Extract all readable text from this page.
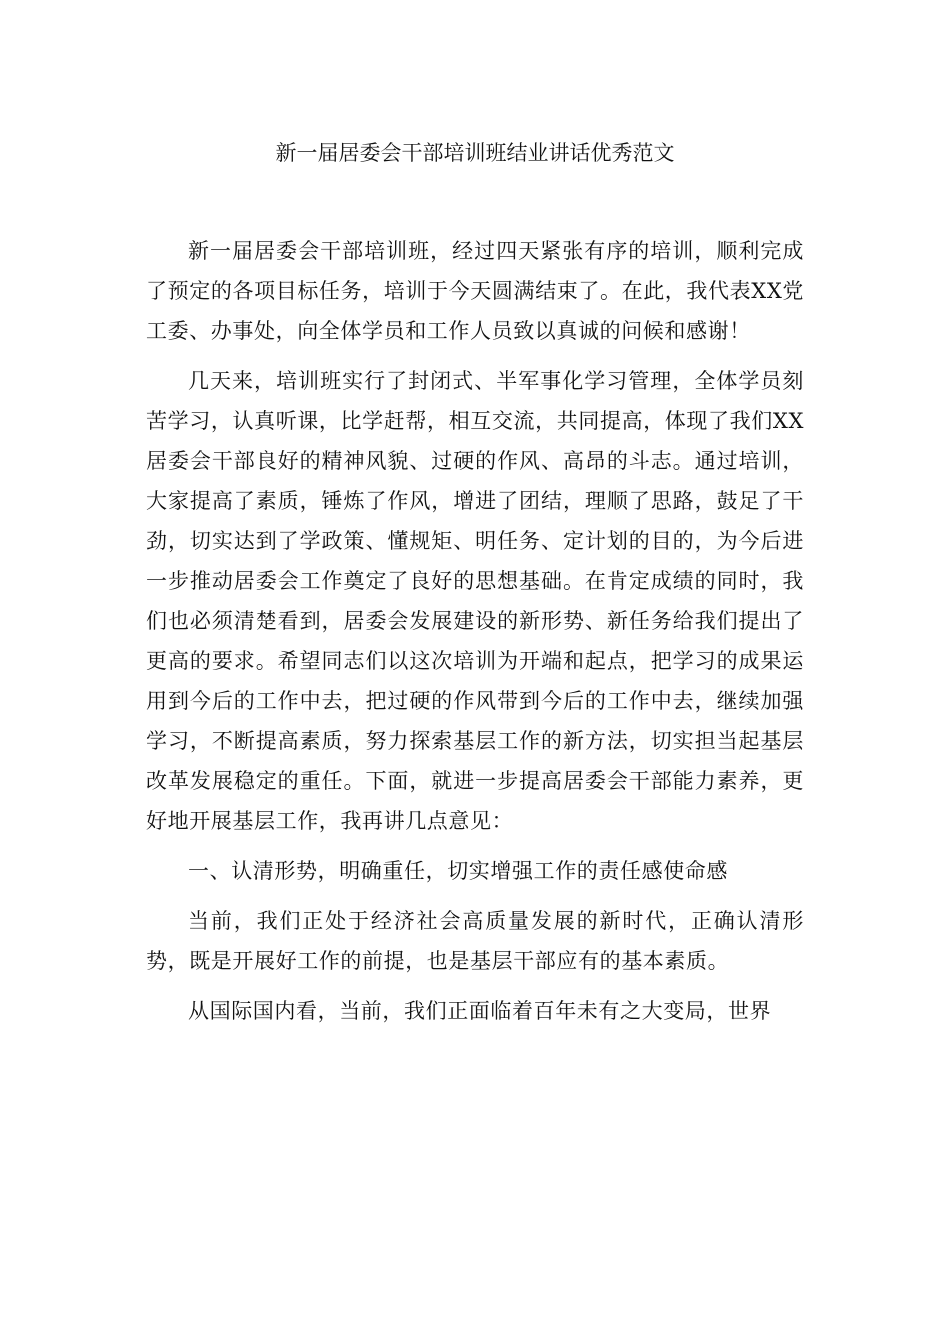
新一届居委会干部培训班结业讲话优秀范文

新一届居委会干部培训班，经过四天紧张有序的培训，顺利完成了预定的各项目标任务，培训于今天圆满结束了。在此，我代表XX党工委、办事处，向全体学员和工作人员致以真诚的问候和感谢！

几天来，培训班实行了封闭式、半军事化学习管理，全体学员刻苦学习，认真听课，比学赶帮，相互交流，共同提高，体现了我们XX居委会干部良好的精神风貌、过硬的作风、高昂的斗志。通过培训，大家提高了素质，锤炼了作风，增进了团结，理顺了思路，鼓足了干劲，切实达到了学政策、懂规矩、明任务、定计划的目的，为今后进一步推动居委会工作奠定了良好的思想基础。在肯定成绩的同时，我们也必须清楚看到，居委会发展建设的新形势、新任务给我们提出了更高的要求。希望同志们以这次培训为开端和起点，把学习的成果运用到今后的工作中去，把过硬的作风带到今后的工作中去，继续加强学习，不断提高素质，努力探索基层工作的新方法，切实担当起基层改革发展稳定的重任。下面，就进一步提高居委会干部能力素养，更好地开展基层工作，我再讲几点意见：

一、认清形势，明确重任，切实增强工作的责任感使命感

当前，我们正处于经济社会高质量发展的新时代，正确认清形势，既是开展好工作的前提，也是基层干部应有的基本素质。

从国际国内看，当前，我们正面临着百年未有之大变局，世界
